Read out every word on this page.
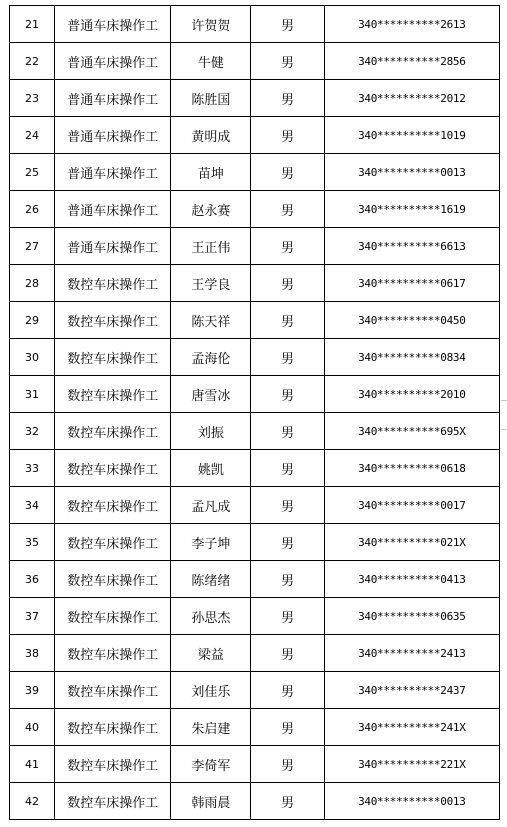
21	普通车床操作工	许贺贺	男	340**********2613
22	普通车床操作工	牛健	男	340**********2856
23	普通车床操作工	陈胜国	男	340**********2012
24	普通车床操作工	黄明成	男	340**********1019
25	普通车床操作工	苗坤	男	340**********0013
26	普通车床操作工	赵永赛	男	340**********1619
27	普通车床操作工	王正伟	男	340**********6613
28	数控车床操作工	王学良	男	340**********0617
29	数控车床操作工	陈天祥	男	340**********0450
30	数控车床操作工	孟海伦	男	340**********0834
31	数控车床操作工	唐雪冰	男	340**********2010
32	数控车床操作工	刘振	男	340**********695X
33	数控车床操作工	姚凯	男	340**********0618
34	数控车床操作工	孟凡成	男	340**********0017
35	数控车床操作工	李子坤	男	340**********021X
36	数控车床操作工	陈绪绪	男	340**********0413
37	数控车床操作工	孙思杰	男	340**********0635
38	数控车床操作工	梁益	男	340**********2413
39	数控车床操作工	刘佳乐	男	340**********2437
40	数控车床操作工	朱启建	男	340**********241X
41	数控车床操作工	李倚军	男	340**********221X
42	数控车床操作工	韩雨晨	男	340**********0013
